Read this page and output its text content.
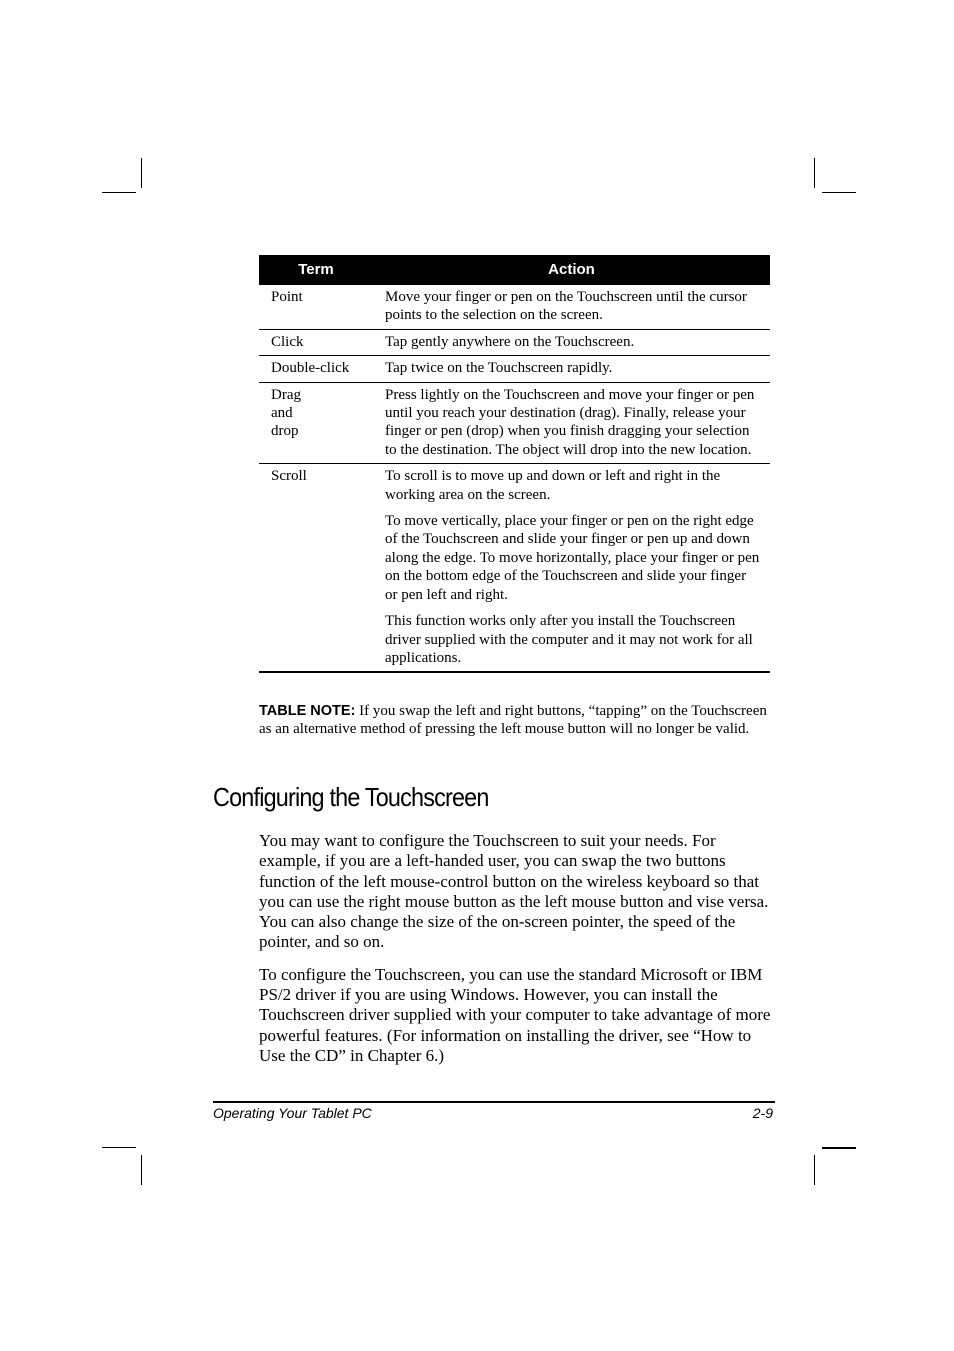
Term	Action
Point	Move your finger or pen on the Touchscreen until the cursor points to the selection on the screen.

Click	Tap gently anywhere on the Touchscreen.

Double-click	Tap twice on the Touchscreen rapidly.

Drag and drop	Press lightly on the Touchscreen and move your finger or pen until you reach your destination (drag). Finally, release your finger or pen (drop) when you finish dragging your selection to the destination. The object will drop into the new location.

Scroll	To scroll is to move up and down or left and right in the working area on the screen.

To move vertically, place your finger or pen on the right edge of the Touchscreen and slide your finger or pen up and down along the edge. To move horizontally, place your finger or pen on the bottom edge of the Touchscreen and slide your finger or pen left and right.

This function works only after you install the Touchscreen driver supplied with the computer and it may not work for all applications.

TABLE NOTE: If you swap the left and right buttons, “tapping” on the Touchscreen as an alternative method of pressing the left mouse button will no longer be valid.
Configuring the Touchscreen

You may want to configure the Touchscreen to suit your needs. For example, if you are a left-handed user, you can swap the two buttons function of the left mouse-control button on the wireless keyboard so that you can use the right mouse button as the left mouse button and vise versa. You can also change the size of the on-screen pointer, the speed of the pointer, and so on.

To configure the Touchscreen, you can use the standard Microsoft or IBM PS/2 driver if you are using Windows. However, you can install the Touchscreen driver supplied with your computer to take advantage of more powerful features. (For information on installing the driver, see “How to Use the CD” in Chapter 6.)

Operating Your Tablet PC	2-9
